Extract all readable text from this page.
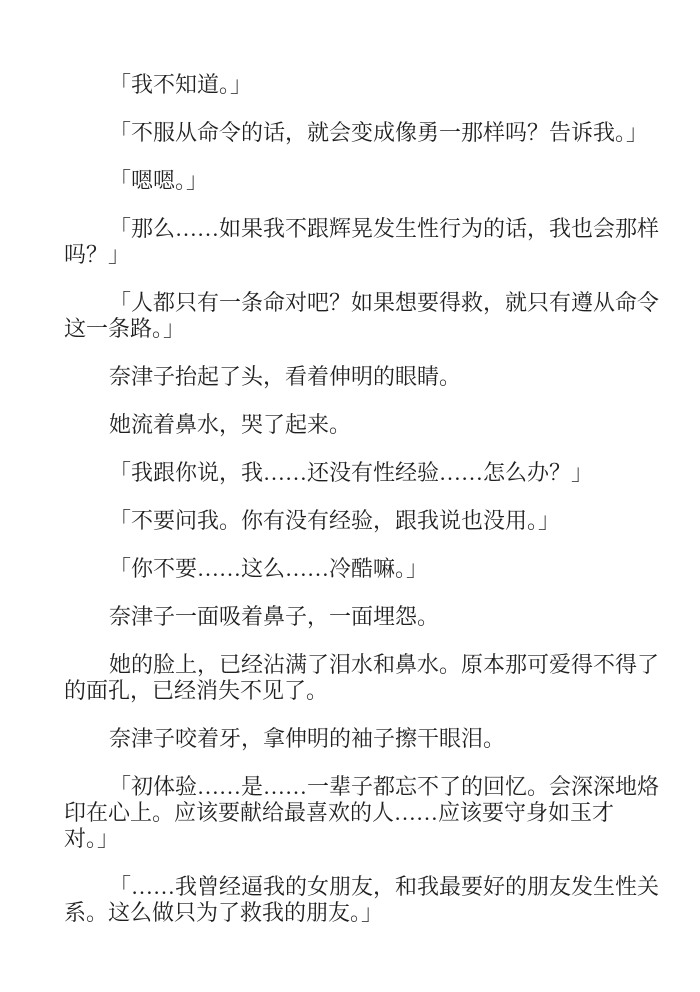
「我不知道。」

「不服从命令的话，就会变成像勇一那样吗？告诉我。」

「嗯嗯。」

「那么……如果我不跟辉晃发生性行为的话，我也会那样
吗？」

「人都只有一条命对吧？如果想要得救，就只有遵从命令
这一条路。」

奈津子抬起了头，看着伸明的眼睛。

她流着鼻水，哭了起来。

「我跟你说，我……还没有性经验……怎么办？」

「不要问我。你有没有经验，跟我说也没用。」

「你不要……这么……冷酷嘛。」

奈津子一面吸着鼻子，一面埋怨。

她的脸上，已经沾满了泪水和鼻水。原本那可爱得不得了
的面孔，已经消失不见了。

奈津子咬着牙，拿伸明的袖子擦干眼泪。

「初体验……是……一辈子都忘不了的回忆。会深深地烙
印在心上。应该要献给最喜欢的人……应该要守身如玉才
对。」

「……我曾经逼我的女朋友，和我最要好的朋友发生性关
系。这么做只为了救我的朋友。」
